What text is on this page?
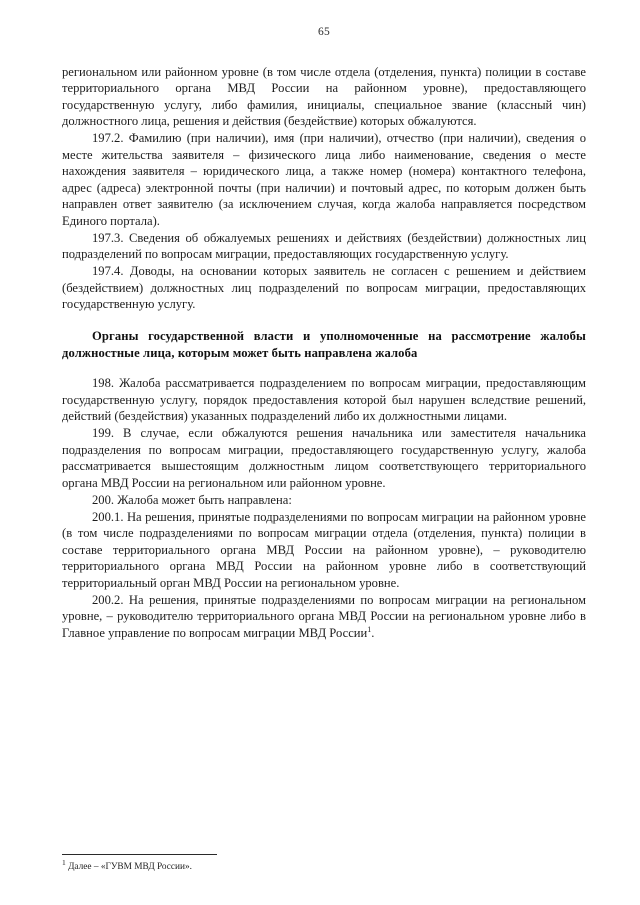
65

региональном или районном уровне (в том числе отдела (отделения, пункта) полиции в составе территориального органа МВД России на районном уровне), предоставляющего государственную услугу, либо фамилия, инициалы, специальное звание (классный чин) должностного лица, решения и действия (бездействие) которых обжалуются.

197.2. Фамилию (при наличии), имя (при наличии), отчество (при наличии), сведения о месте жительства заявителя – физического лица либо наименование, сведения о месте нахождения заявителя – юридического лица, а также номер (номера) контактного телефона, адрес (адреса) электронной почты (при наличии) и почтовый адрес, по которым должен быть направлен ответ заявителю (за исключением случая, когда жалоба направляется посредством Единого портала).

197.3. Сведения об обжалуемых решениях и действиях (бездействии) должностных лиц подразделений по вопросам миграции, предоставляющих государственную услугу.

197.4. Доводы, на основании которых заявитель не согласен с решением и действием (бездействием) должностных лиц подразделений по вопросам миграции, предоставляющих государственную услугу.

Органы государственной власти и уполномоченные на рассмотрение жалобы должностные лица, которым может быть направлена жалоба

198. Жалоба рассматривается подразделением по вопросам миграции, предоставляющим государственную услугу, порядок предоставления которой был нарушен вследствие решений, действий (бездействия) указанных подразделений либо их должностными лицами.

199. В случае, если обжалуются решения начальника или заместителя начальника подразделения по вопросам миграции, предоставляющего государственную услугу, жалоба рассматривается вышестоящим должностным лицом соответствующего территориального органа МВД России на региональном или районном уровне.

200. Жалоба может быть направлена:

200.1. На решения, принятые подразделениями по вопросам миграции на районном уровне (в том числе подразделениями по вопросам миграции отдела (отделения, пункта) полиции в составе территориального органа МВД России на районном уровне), – руководителю территориального органа МВД России на районном уровне либо в соответствующий территориальный орган МВД России на региональном уровне.

200.2. На решения, принятые подразделениями по вопросам миграции на региональном уровне, – руководителю территориального органа МВД России на региональном уровне либо в Главное управление по вопросам миграции МВД России$^1$.

$^1$ Далее – «ГУВМ МВД России».
